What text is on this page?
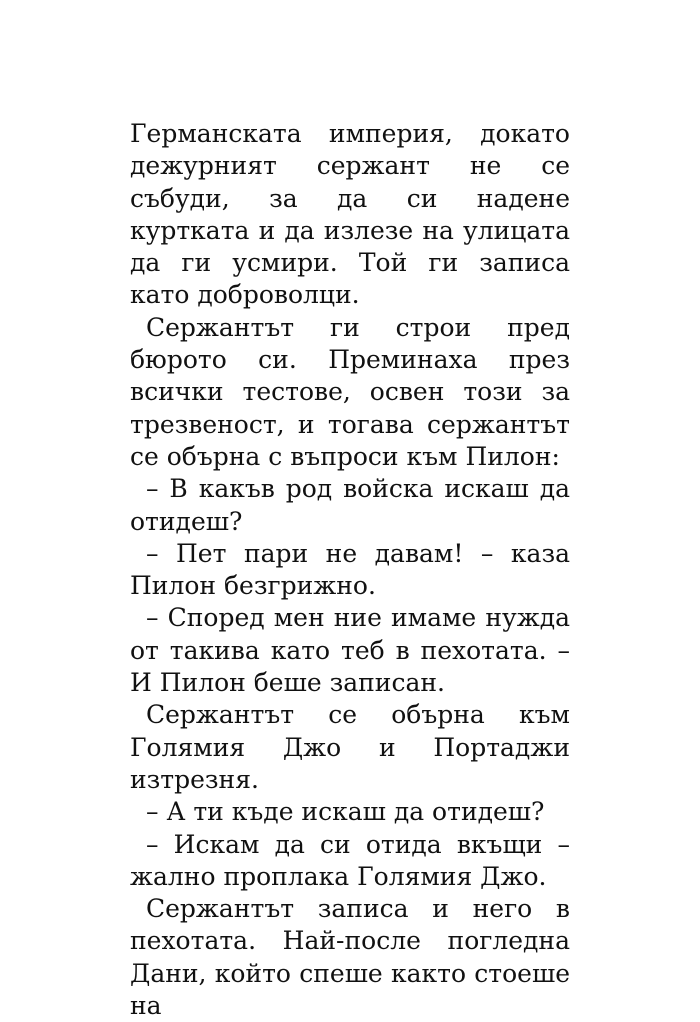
Германската империя, докато дежурният сержант не се събуди, за да си надене куртката и да излезе на улицата да ги усмири. Той ги записа като доброволци.

Сержантът ги строи пред бюрото си. Преминаха през всички тестове, освен този за трезвеност, и тогава сержантът се обърна с въпроси към Пилон:

– В какъв род войска искаш да отидеш?

– Пет пари не давам! – каза Пилон безгрижно.

– Според мен ние имаме нужда от такива като теб в пехотата. – И Пилон беше записан.

Сержантът се обърна към Голямия Джо и Портаджи изтрезня.

– А ти къде искаш да отидеш?

– Искам да си отида вкъщи – жално проплака Голямия Джо.

Сержантът записа и него в пехотата. Най-после погледна Дани, който спеше както стоеше на
